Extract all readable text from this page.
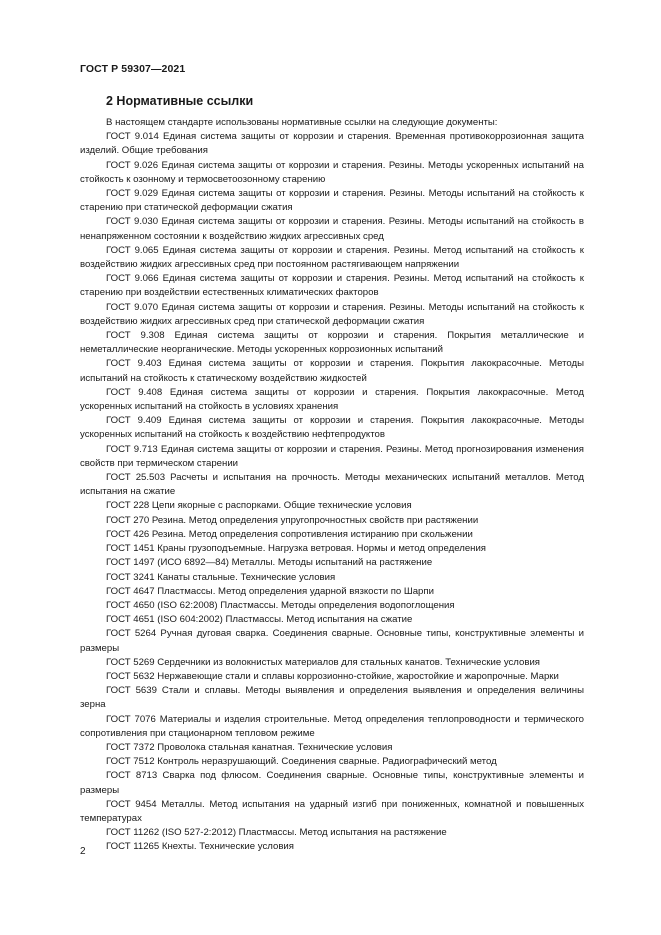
ГОСТ Р 59307—2021
2 Нормативные ссылки

В настоящем стандарте использованы нормативные ссылки на следующие документы:

ГОСТ 9.014 Единая система защиты от коррозии и старения. Временная противокоррозионная защита изделий. Общие требования

ГОСТ 9.026 Единая система защиты от коррозии и старения. Резины. Методы ускоренных испытаний на стойкость к озонному и термосветоозонному старению

ГОСТ 9.029 Единая система защиты от коррозии и старения. Резины. Методы испытаний на стойкость к старению при статической деформации сжатия

ГОСТ 9.030 Единая система защиты от коррозии и старения. Резины. Методы испытаний на стойкость в ненапряженном состоянии к воздействию жидких агрессивных сред

ГОСТ 9.065 Единая система защиты от коррозии и старения. Резины. Метод испытаний на стойкость к воздействию жидких агрессивных сред при постоянном растягивающем напряжении

ГОСТ 9.066 Единая система защиты от коррозии и старения. Резины. Метод испытаний на стойкость к старению при воздействии естественных климатических факторов

ГОСТ 9.070 Единая система защиты от коррозии и старения. Резины. Методы испытаний на стойкость к воздействию жидких агрессивных сред при статической деформации сжатия

ГОСТ 9.308 Единая система защиты от коррозии и старения. Покрытия металлические и неметаллические неорганические. Методы ускоренных коррозионных испытаний

ГОСТ 9.403 Единая система защиты от коррозии и старения. Покрытия лакокрасочные. Методы испытаний на стойкость к статическому воздействию жидкостей

ГОСТ 9.408 Единая система защиты от коррозии и старения. Покрытия лакокрасочные. Метод ускоренных испытаний на стойкость в условиях хранения

ГОСТ 9.409 Единая система защиты от коррозии и старения. Покрытия лакокрасочные. Методы ускоренных испытаний на стойкость к воздействию нефтепродуктов

ГОСТ 9.713 Единая система защиты от коррозии и старения. Резины. Метод прогнозирования изменения свойств при термическом старении

ГОСТ 25.503 Расчеты и испытания на прочность. Методы механических испытаний металлов. Метод испытания на сжатие

ГОСТ 228 Цепи якорные с распорками. Общие технические условия

ГОСТ 270 Резина. Метод определения упругопрочностных свойств при растяжении

ГОСТ 426 Резина. Метод определения сопротивления истиранию при скольжении

ГОСТ 1451 Краны грузоподъемные. Нагрузка ветровая. Нормы и метод определения

ГОСТ 1497 (ИСО 6892—84) Металлы. Методы испытаний на растяжение

ГОСТ 3241 Канаты стальные. Технические условия

ГОСТ 4647 Пластмассы. Метод определения ударной вязкости по Шарпи

ГОСТ 4650 (ISO 62:2008) Пластмассы. Методы определения водопоглощения

ГОСТ 4651 (ISO 604:2002) Пластмассы. Метод испытания на сжатие

ГОСТ 5264 Ручная дуговая сварка. Соединения сварные. Основные типы, конструктивные элементы и размеры

ГОСТ 5269 Сердечники из волокнистых материалов для стальных канатов. Технические условия

ГОСТ 5632 Нержавеющие стали и сплавы коррозионно-стойкие, жаростойкие и жаропрочные. Марки

ГОСТ 5639 Стали и сплавы. Методы выявления и определения выявления и определения величины зерна

ГОСТ 7076 Материалы и изделия строительные. Метод определения теплопроводности и термического сопротивления при стационарном тепловом режиме

ГОСТ 7372 Проволока стальная канатная. Технические условия

ГОСТ 7512 Контроль неразрушающий. Соединения сварные. Радиографический метод

ГОСТ 8713 Сварка под флюсом. Соединения сварные. Основные типы, конструктивные элементы и размеры

ГОСТ 9454 Металлы. Метод испытания на ударный изгиб при пониженных, комнатной и повышенных температурах

ГОСТ 11262 (ISO 527-2:2012) Пластмассы. Метод испытания на растяжение

ГОСТ 11265 Кнехты. Технические условия

2
